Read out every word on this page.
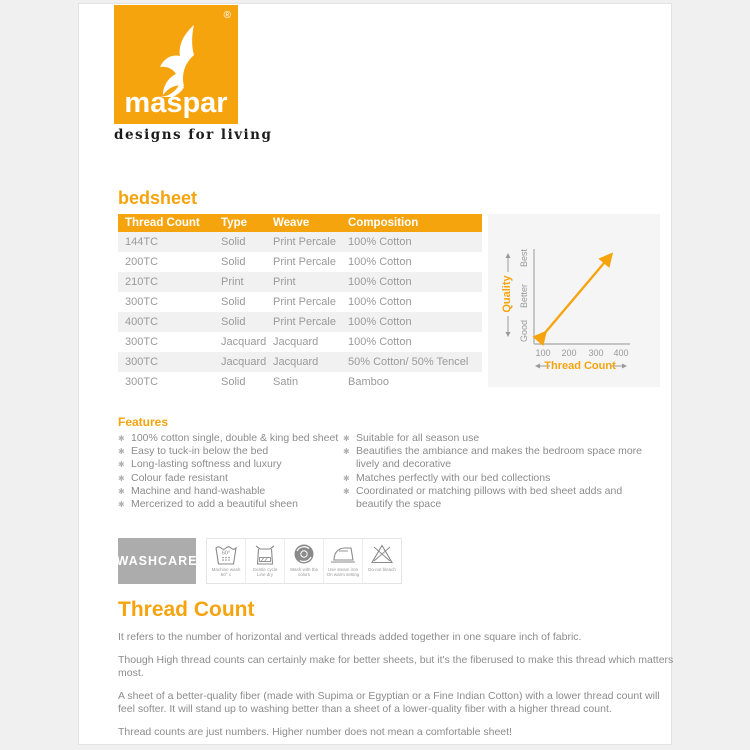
®
maspar
designs for living
bedsheet
Thread Count	Type	Weave	Composition
144TC	Solid	Print Percale	100% Cotton
200TC	Solid	Print Percale	100% Cotton
210TC	Print	Print	100% Cotton
300TC	Solid	Print Percale	100% Cotton
400TC	Solid	Print Percale	100% Cotton
300TC	Jacquard	Jacquard	100% Cotton
300TC	Jacquard	Jacquard	50% Cotton/ 50% Tencel
300TC	Solid	Satin	Bamboo
Quality
Best
Better
Good
100 200 300 400
Thread Count
Features
✱ 100% cotton single, double & king bed sheet
✱ Easy to tuck-in below the bed
✱ Long-lasting softness and luxury
✱ Colour fade resistant
✱ Machine and hand-washable
✱ Mercerized to add a beautiful sheen
✱ Suitable for all season use
✱ Beautifies the ambiance and makes the bedroom space more lively and decorative
✱ Matches perfectly with our bed collections
✱ Coordinated or matching pillows with bed sheet adds and beautify the space
WASHCARE
60°
Machine wash 60° c
Gentle cycle Line dry
Wash with the colors
Use steam iron On warm setting
Do not bleach
Thread Count

It refers to the number of horizontal and vertical threads added together in one square inch of fabric.

Though High thread counts can certainly make for better sheets, but it's the fiberused to make this thread which matters most.

A sheet of a better-quality fiber (made with Supima or Egyptian or a Fine Indian Cotton) with a lower thread count will feel softer. It will stand up to washing better than a sheet of a lower-quality fiber with a higher thread count.

Thread counts are just numbers. Higher number does not mean a comfortable sheet!
